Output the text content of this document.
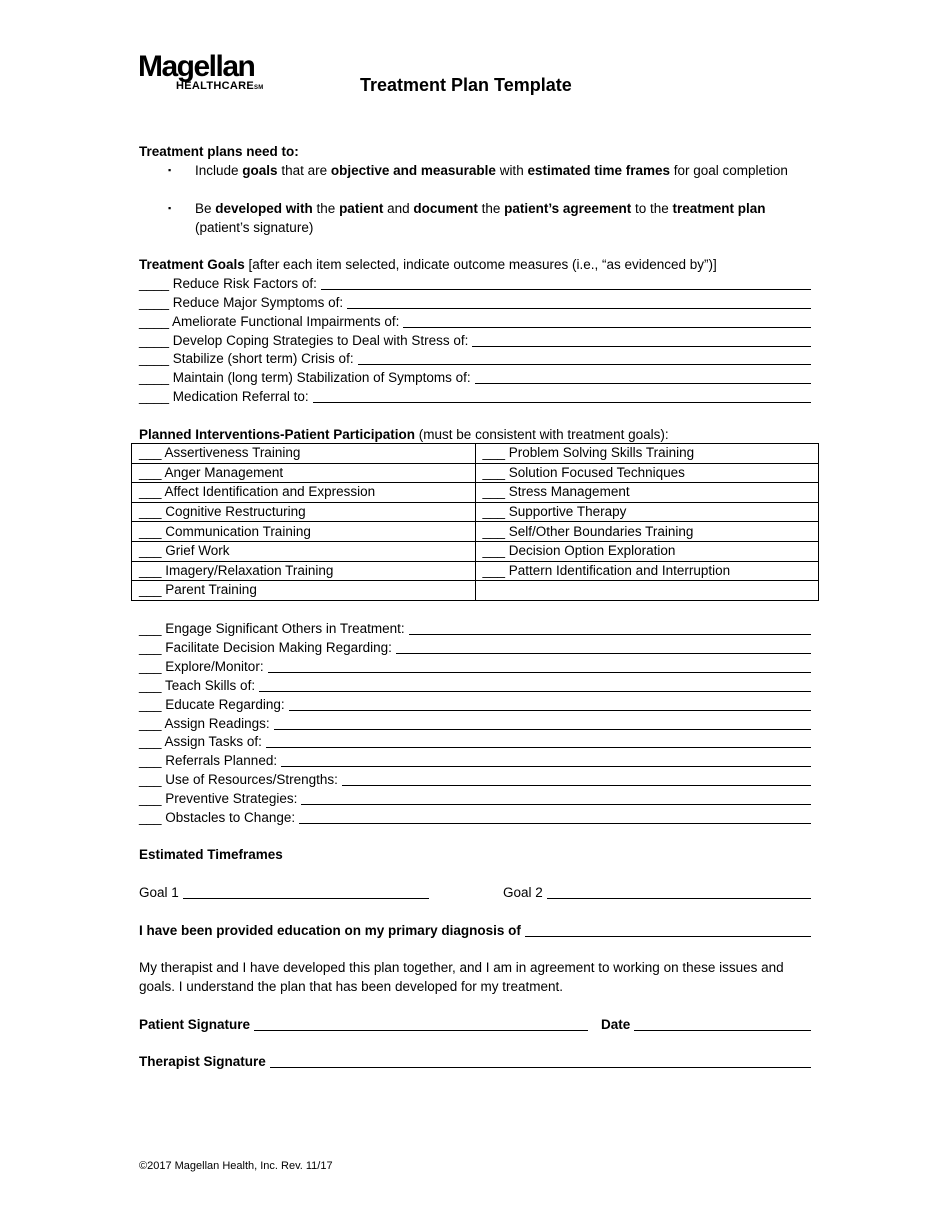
Magellan
HEALTHCARESM	Treatment Plan Template
Treatment plans need to:
▪ Include goals that are objective and measurable with estimated time frames for goal completion
▪ Be developed with the patient and document the patient’s agreement to the treatment plan (patient’s signature)
Treatment Goals [after each item selected, indicate outcome measures (i.e., “as evidenced by”)]
____ Reduce Risk Factors of:
____ Reduce Major Symptoms of:
____ Ameliorate Functional Impairments of:
____ Develop Coping Strategies to Deal with Stress of:
____ Stabilize (short term) Crisis of:
____ Maintain (long term) Stabilization of Symptoms of:
____ Medication Referral to:
Planned Interventions-Patient Participation (must be consistent with treatment goals):
___ Assertiveness Training	___ Problem Solving Skills Training
___ Anger Management	___ Solution Focused Techniques
___ Affect Identification and Expression	___ Stress Management
___ Cognitive Restructuring	___ Supportive Therapy
___ Communication Training	___ Self/Other Boundaries Training
___ Grief Work	___ Decision Option Exploration
___ Imagery/Relaxation Training	___ Pattern Identification and Interruption
___ Parent Training	
___ Engage Significant Others in Treatment:
___ Facilitate Decision Making Regarding:
___ Explore/Monitor:
___ Teach Skills of:
___ Educate Regarding:
___ Assign Readings:
___ Assign Tasks of:
___ Referrals Planned:
___ Use of Resources/Strengths:
___ Preventive Strategies:
___ Obstacles to Change:
Estimated Timeframes
Goal 1	Goal 2
I have been provided education on my primary diagnosis of
My therapist and I have developed this plan together, and I am in agreement to working on these issues and goals. I understand the plan that has been developed for my treatment.
Patient Signature	Date
Therapist Signature
©2017 Magellan Health, Inc. Rev. 11/17
